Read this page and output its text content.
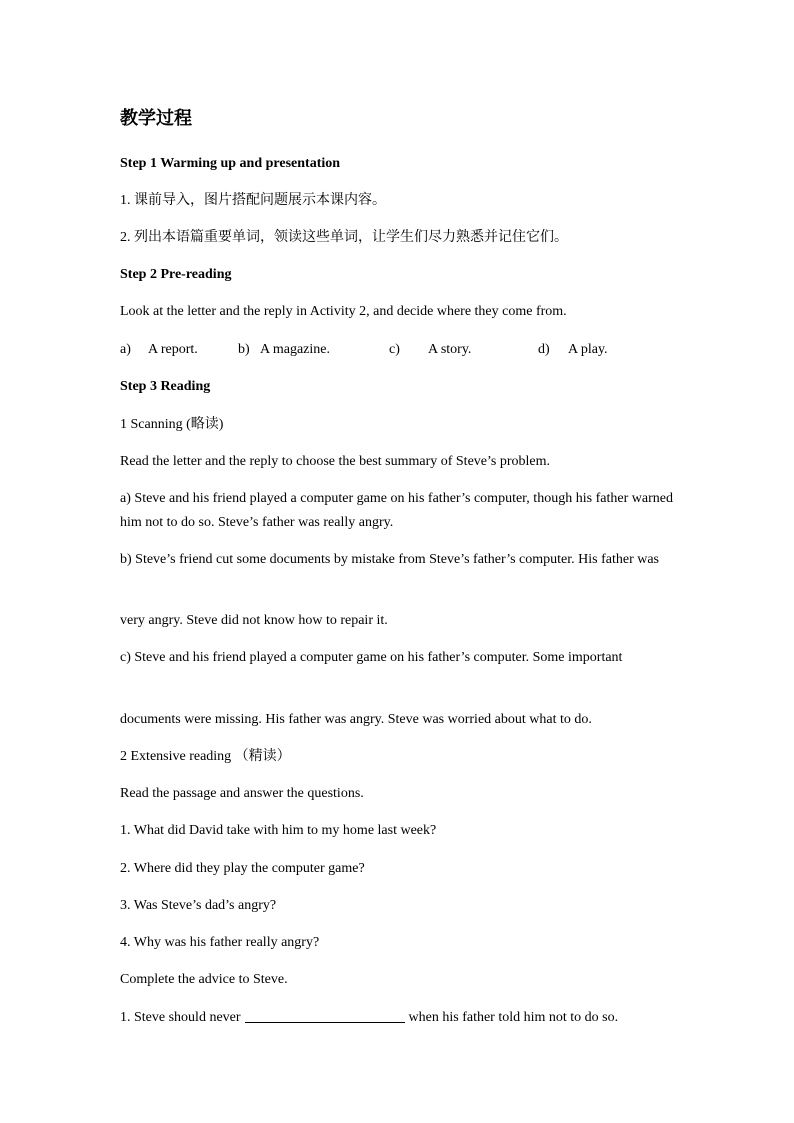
教学过程

Step 1 Warming up and presentation

1. 课前导入，图片搭配问题展示本课内容。

2. 列出本语篇重要单词，领读这些单词，让学生们尽力熟悉并记住它们。

Step 2 Pre-reading

Look at the letter and the reply in Activity 2, and decide where they come from.

a) A report.	b) A magazine.	c) A story.	d) A play.

Step 3 Reading

1 Scanning (略读)

Read the letter and the reply to choose the best summary of Steve’s problem.

a) Steve and his friend played a computer game on his father’s computer, though his father warned him not to do so. Steve’s father was really angry.

b) Steve’s friend cut some documents by mistake from Steve’s father’s computer. His father was

very angry. Steve did not know how to repair it.

c) Steve and his friend played a computer game on his father’s computer. Some important

documents were missing. His father was angry. Steve was worried about what to do.

2 Extensive reading （精读）

Read the passage and answer the questions.

1. What did David take with him to my home last week?

2. Where did they play the computer game?

3. Was Steve’s dad’s angry?

4. Why was his father really angry?

Complete the advice to Steve.

1. Steve should never	when his father told him not to do so.
